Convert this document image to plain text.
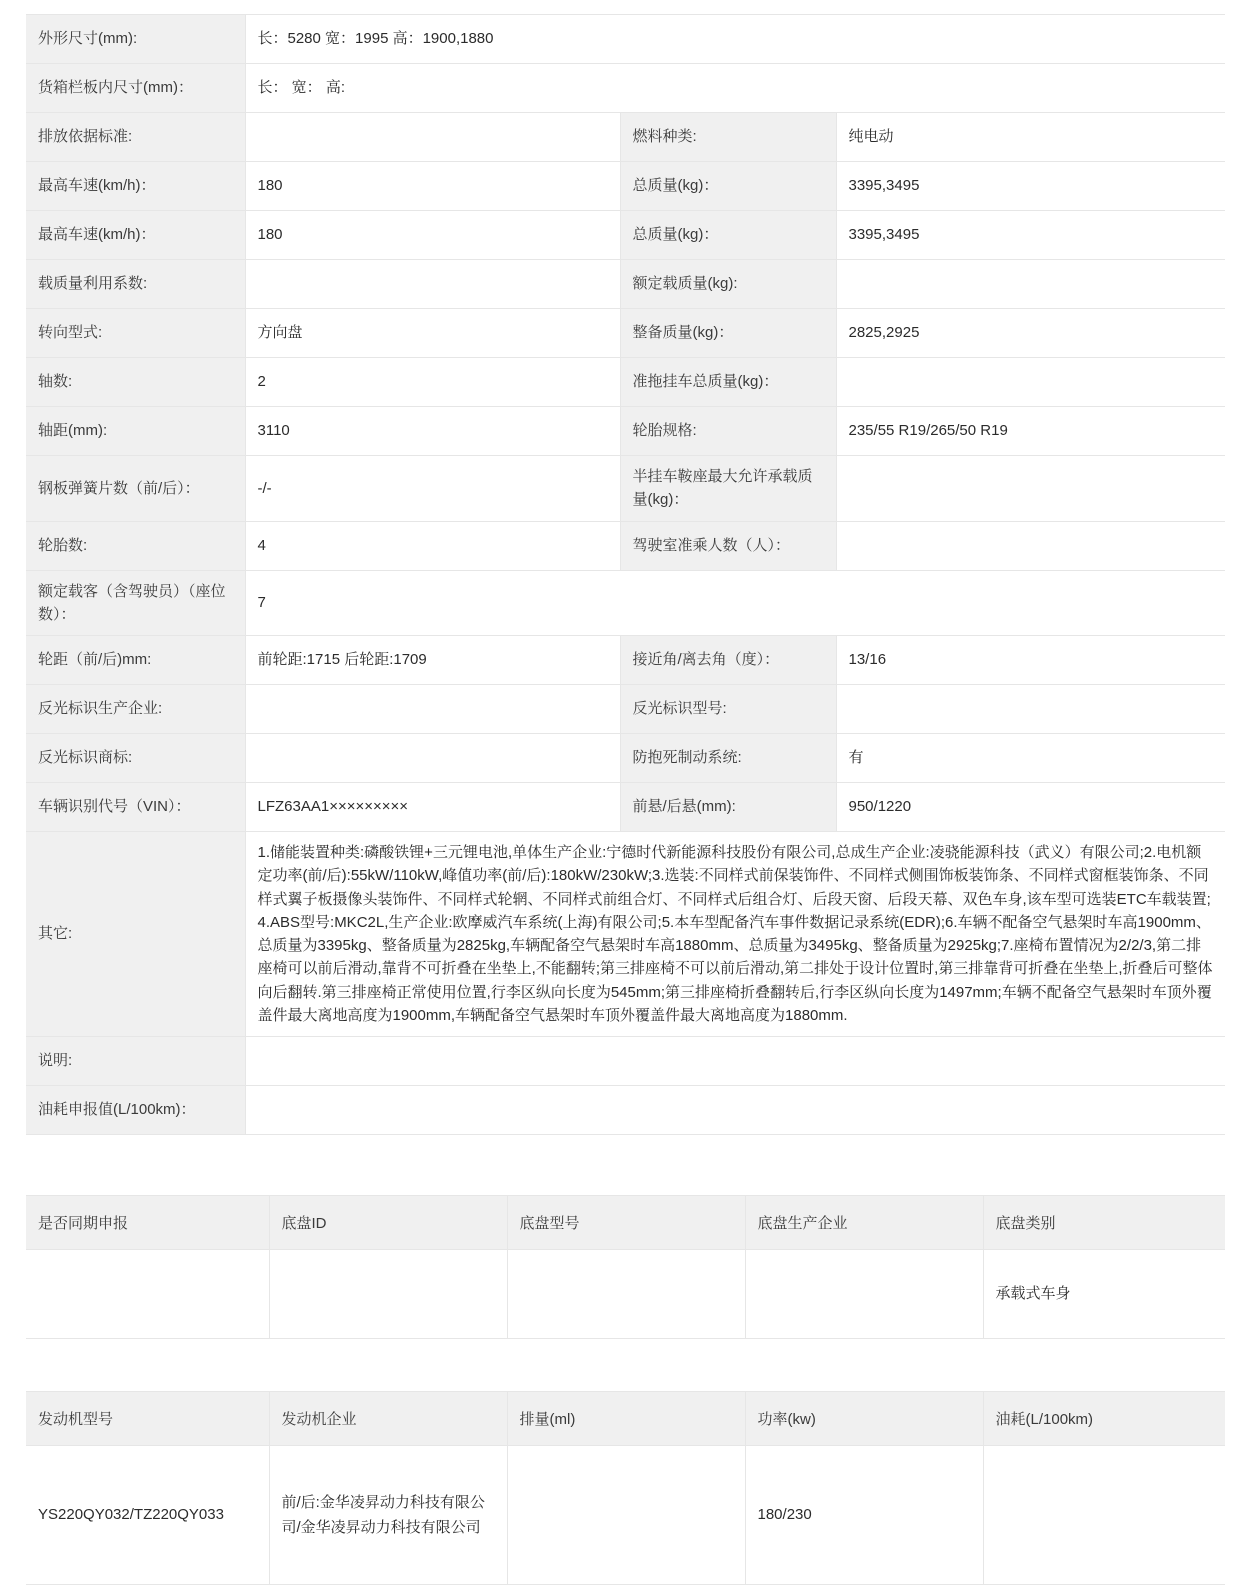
外形尺寸(mm):	长：5280 宽：1995 高：1900,1880		
货箱栏板内尺寸(mm)：	长： 宽： 高:		
排放依据标准:		燃料种类:	纯电动
最高车速(km/h)：	180	总质量(kg)：	3395,3495
最高车速(km/h)：	180	总质量(kg)：	3395,3495
载质量利用系数:		额定载质量(kg):	
转向型式:	方向盘	整备质量(kg)：	2825,2925
轴数:	2	准拖挂车总质量(kg)：	
轴距(mm):	3110	轮胎规格:	235/55 R19/265/50 R19
钢板弹簧片数（前/后）：	-/-	半挂车鞍座最大允许承载质量(kg)：	
轮胎数:	4	驾驶室准乘人数（人）：	
额定载客（含驾驶员）（座位数）：	7		
轮距（前/后)mm:	前轮距:1715 后轮距:1709	接近角/离去角（度）：	13/16
反光标识生产企业:		反光标识型号:	
反光标识商标:		防抱死制动系统:	有
车辆识别代号（VIN）：	LFZ63AA1×××××××××	前悬/后悬(mm):	950/1220
其它:	1.储能装置种类:磷酸铁锂+三元锂电池,单体生产企业:宁德时代新能源科技股份有限公司,总成生产企业:凌骁能源科技（武义）有限公司;2.电机额定功率(前/后):55kW/110kW,峰值功率(前/后):180kW/230kW;3.选装:不同样式前保装饰件、不同样式侧围饰板装饰条、不同样式窗框装饰条、不同样式翼子板摄像头装饰件、不同样式轮辋、不同样式前组合灯、不同样式后组合灯、后段天窗、后段天幕、双色车身,该车型可选装ETC车载装置;4.ABS型号:MKC2L,生产企业:欧摩威汽车系统(上海)有限公司;5.本车型配备汽车事件数据记录系统(EDR);6.车辆不配备空气悬架时车高1900mm、总质量为3395kg、整备质量为2825kg,车辆配备空气悬架时车高1880mm、总质量为3495kg、整备质量为2925kg;7.座椅布置情况为2/2/3,第二排座椅可以前后滑动,靠背不可折叠在坐垫上,不能翻转;第三排座椅不可以前后滑动,第二排处于设计位置时,第三排靠背可折叠在坐垫上,折叠后可整体向后翻转.第三排座椅正常使用位置,行李区纵向长度为545mm;第三排座椅折叠翻转后,行李区纵向长度为1497mm;车辆不配备空气悬架时车顶外覆盖件最大离地高度为1900mm,车辆配备空气悬架时车顶外覆盖件最大离地高度为1880mm.		
说明:			
油耗申报值(L/100km)：			
是否同期申报	底盘ID	底盘型号	底盘生产企业	底盘类别
				承载式车身
发动机型号	发动机企业	排量(ml)	功率(kw)	油耗(L/100km)
YS220QY032/TZ220QY033	前/后:金华凌昇动力科技有限公司/金华凌昇动力科技有限公司		180/230	
